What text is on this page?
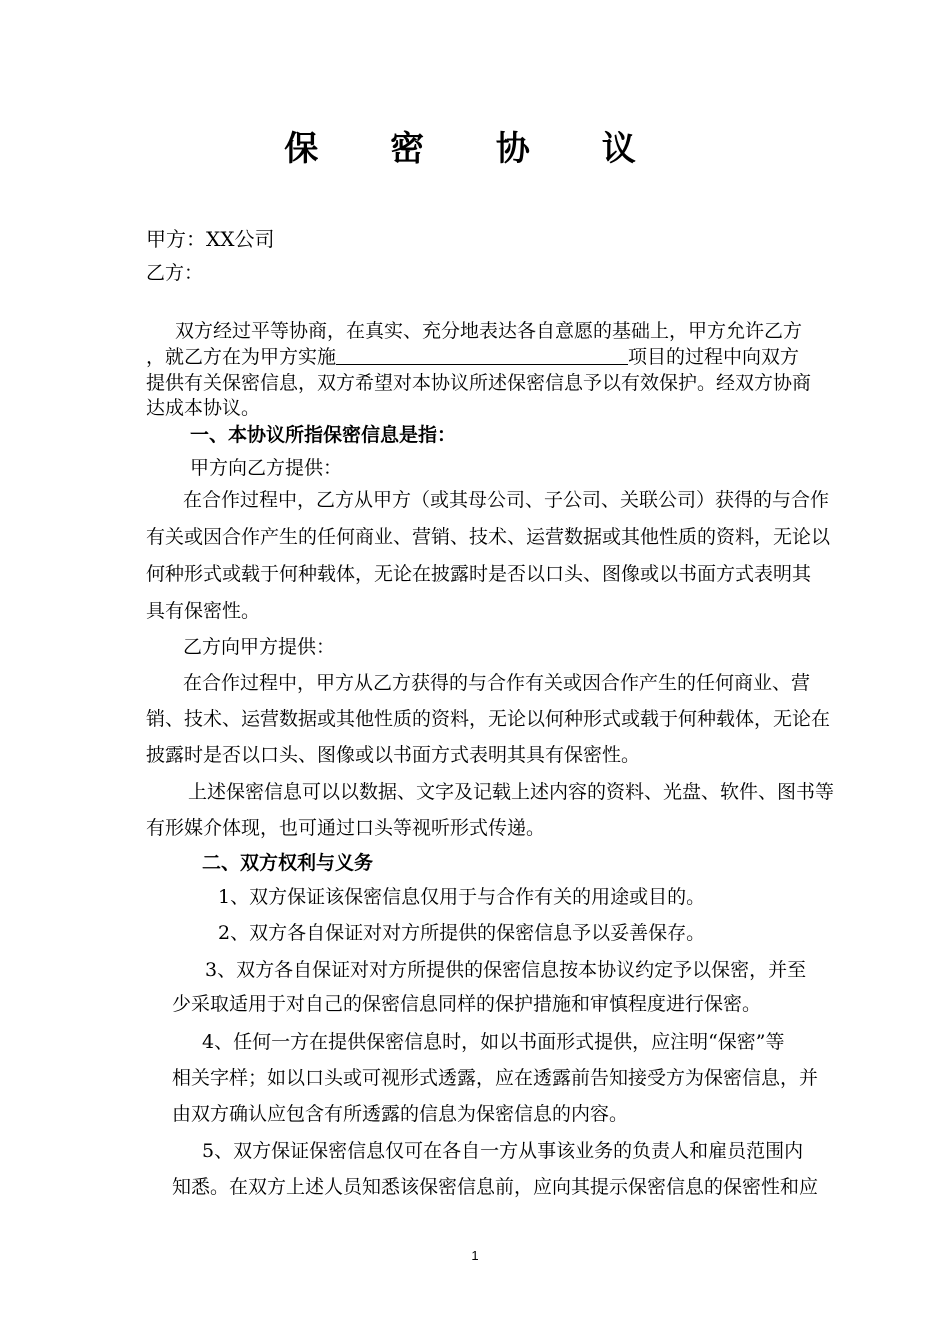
保 密 协 议
甲方：XX公司
乙方：
双方经过平等协商，在真实、充分地表达各自意愿的基础上，甲方允许乙方
，就乙方在为甲方实施	项目的过程中向双方
提供有关保密信息，双方希望对本协议所述保密信息予以有效保护。经双方协商
达成本协议。
一、本协议所指保密信息是指：
甲方向乙方提供：
在合作过程中，乙方从甲方（或其母公司、子公司、关联公司）获得的与合作
有关或因合作产生的任何商业、营销、技术、运营数据或其他性质的资料，无论以
何种形式或载于何种载体，无论在披露时是否以口头、图像或以书面方式表明其
具有保密性。
乙方向甲方提供：
在合作过程中，甲方从乙方获得的与合作有关或因合作产生的任何商业、营
销、技术、运营数据或其他性质的资料，无论以何种形式或载于何种载体，无论在
披露时是否以口头、图像或以书面方式表明其具有保密性。
上述保密信息可以以数据、文字及记载上述内容的资料、光盘、软件、图书等
有形媒介体现，也可通过口头等视听形式传递。
二、双方权利与义务
1、双方保证该保密信息仅用于与合作有关的用途或目的。
2、双方各自保证对对方所提供的保密信息予以妥善保存。
3、双方各自保证对对方所提供的保密信息按本协议约定予以保密，并至
少采取适用于对自己的保密信息同样的保护措施和审慎程度进行保密。
4、任何一方在提供保密信息时，如以书面形式提供，应注明“保密”等
相关字样；如以口头或可视形式透露，应在透露前告知接受方为保密信息，并
由双方确认应包含有所透露的信息为保密信息的内容。
5、双方保证保密信息仅可在各自一方从事该业务的负责人和雇员范围内
知悉。在双方上述人员知悉该保密信息前，应向其提示保密信息的保密性和应
1
